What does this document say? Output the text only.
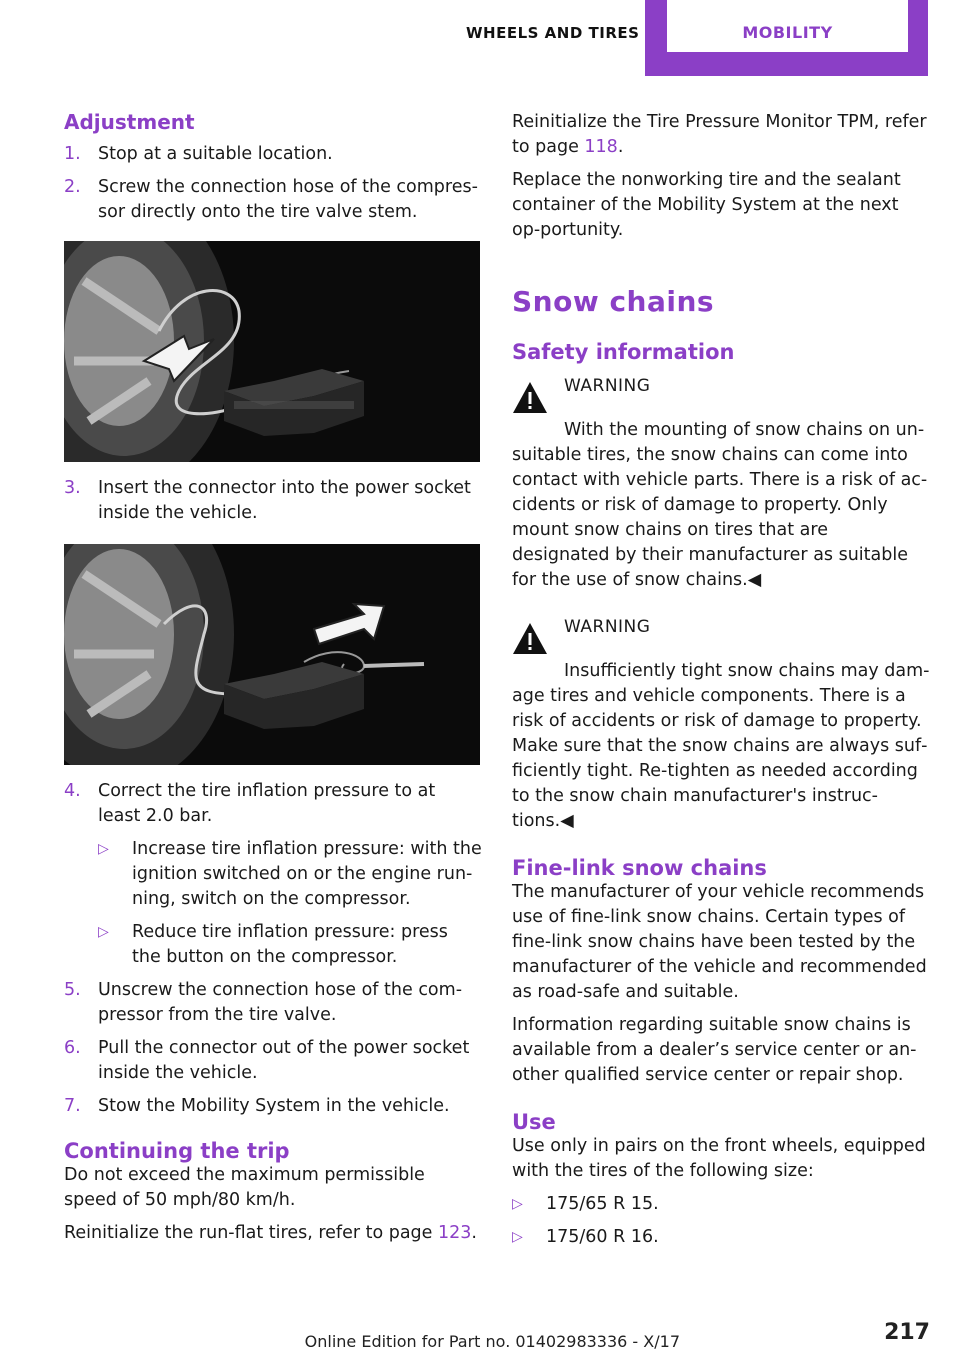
WHEELS AND TIRES	MOBILITY
Adjustment
1. Stop at a suitable location.
2. Screw the connection hose of the compres‐sor directly onto the tire valve stem.
3. Insert the connector into the power socket inside the vehicle.
4. Correct the tire inflation pressure to at least 2.0 bar.
▷	Increase tire inflation pressure: with the ignition switched on or the engine run‐ning, switch on the compressor.
▷	Reduce tire inflation pressure: press the button on the compressor.
5. Unscrew the connection hose of the com‐pressor from the tire valve.
6. Pull the connector out of the power socket inside the vehicle.
7. Stow the Mobility System in the vehicle.
Continuing the trip

Do not exceed the maximum permissible speed of 50 mph/80 km/h.

Reinitialize the run-flat tires, refer to page 123.

Reinitialize the Tire Pressure Monitor TPM, refer to page 118.

Replace the nonworking tire and the sealant container of the Mobility System at the next op‐portunity.

Snow chains
Safety information
WARNING

With the mounting of snow chains on un‐suitable tires, the snow chains can come into contact with vehicle parts. There is a risk of ac‐cidents or risk of damage to property. Only mount snow chains on tires that are designated by their manufacturer as suitable for the use of snow chains.◀

WARNING

Insufficiently tight snow chains may dam‐age tires and vehicle components. There is a risk of accidents or risk of damage to property. Make sure that the snow chains are always suf‐ficiently tight. Re-tighten as needed according to the snow chain manufacturer's instruc‐tions.◀

Fine-link snow chains

The manufacturer of your vehicle recommends use of fine-link snow chains. Certain types of fine-link snow chains have been tested by the manufacturer of the vehicle and recommended as road-safe and suitable.

Information regarding suitable snow chains is available from a dealer’s service center or an‐other qualified service center or repair shop.

Use

Use only in pairs on the front wheels, equipped with the tires of the following size:

▷	175/65 R 15.
▷	175/60 R 16.
Online Edition for Part no. 01402983336 - X/17	217
